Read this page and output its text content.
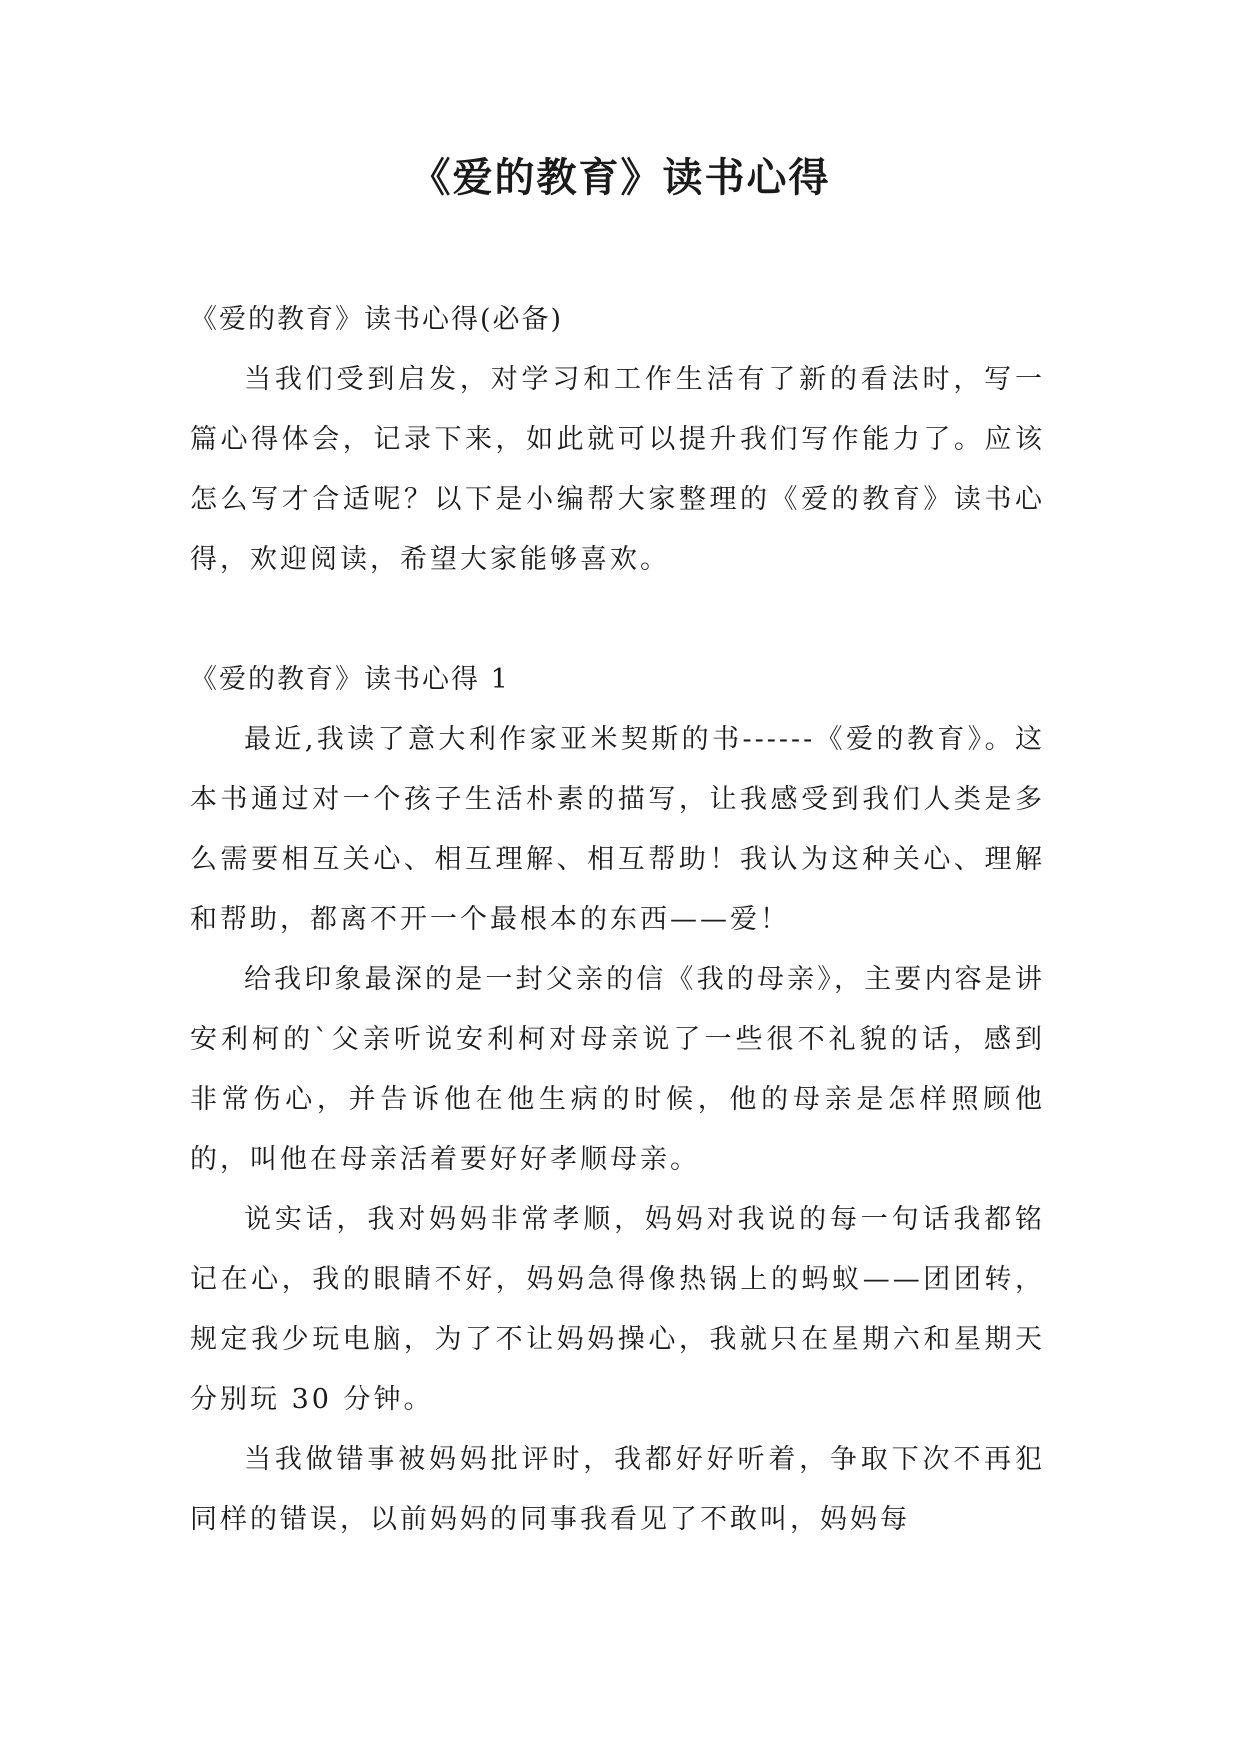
《爱的教育》读书心得

《爱的教育》读书心得(必备)

当我们受到启发，对学习和工作生活有了新的看法时，写一篇心得体会，记录下来，如此就可以提升我们写作能力了。应该怎么写才合适呢？以下是小编帮大家整理的《爱的教育》读书心得，欢迎阅读，希望大家能够喜欢。

《爱的教育》读书心得 1

最近,我读了意大利作家亚米契斯的书------《爱的教育》。这本书通过对一个孩子生活朴素的描写，让我感受到我们人类是多么需要相互关心、相互理解、相互帮助！我认为这种关心、理解和帮助，都离不开一个最根本的东西——爱！

给我印象最深的是一封父亲的信《我的母亲》，主要内容是讲安利柯的`父亲听说安利柯对母亲说了一些很不礼貌的话，感到非常伤心，并告诉他在他生病的时候，他的母亲是怎样照顾他的，叫他在母亲活着要好好孝顺母亲。

说实话，我对妈妈非常孝顺，妈妈对我说的每一句话我都铭记在心，我的眼睛不好，妈妈急得像热锅上的蚂蚁——团团转，规定我少玩电脑，为了不让妈妈操心，我就只在星期六和星期天分别玩 30 分钟。

当我做错事被妈妈批评时，我都好好听着，争取下次不再犯同样的错误，以前妈妈的同事我看见了不敢叫，妈妈每
